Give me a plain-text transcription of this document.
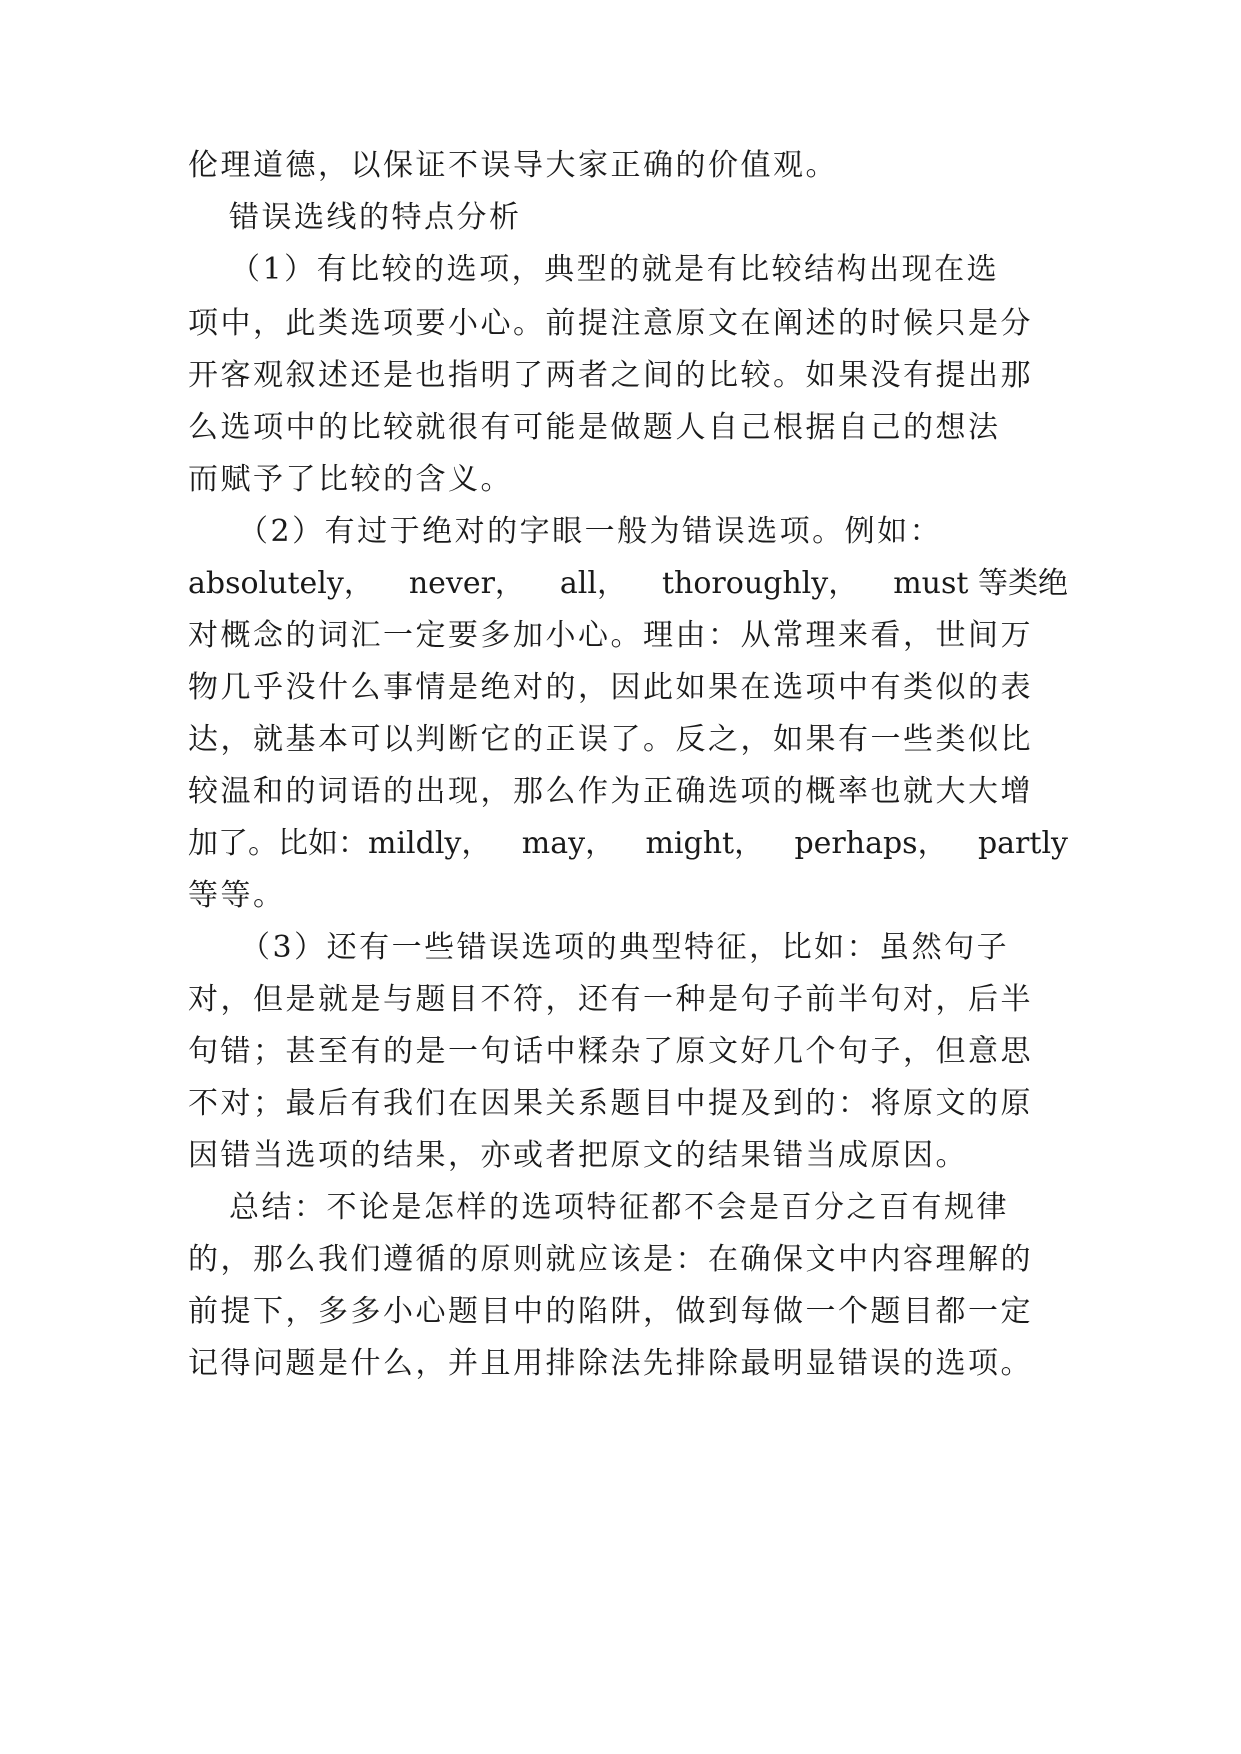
伦理道德，以保证不误导大家正确的价值观。

错误选线的特点分析

（1）有比较的选项，典型的就是有比较结构出现在选

项中，此类选项要小心。前提注意原文在阐述的时候只是分

开客观叙述还是也指明了两者之间的比较。如果没有提出那

么选项中的比较就很有可能是做题人自己根据自己的想法

而赋予了比较的含义。

（2）有过于绝对的字眼一般为错误选项。例如：

absolutely， never， all， thoroughly， must 等类绝

对概念的词汇一定要多加小心。理由：从常理来看，世间万

物几乎没什么事情是绝对的，因此如果在选项中有类似的表

达，就基本可以判断它的正误了。反之，如果有一些类似比

较温和的词语的出现，那么作为正确选项的概率也就大大增

加了。比如：mildly， may， might， perhaps， partly

等等。

（3）还有一些错误选项的典型特征，比如：虽然句子

对，但是就是与题目不符，还有一种是句子前半句对，后半

句错；甚至有的是一句话中糅杂了原文好几个句子，但意思

不对；最后有我们在因果关系题目中提及到的：将原文的原

因错当选项的结果，亦或者把原文的结果错当成原因。

总结：不论是怎样的选项特征都不会是百分之百有规律

的，那么我们遵循的原则就应该是：在确保文中内容理解的

前提下，多多小心题目中的陷阱，做到每做一个题目都一定

记得问题是什么，并且用排除法先排除最明显错误的选项。
